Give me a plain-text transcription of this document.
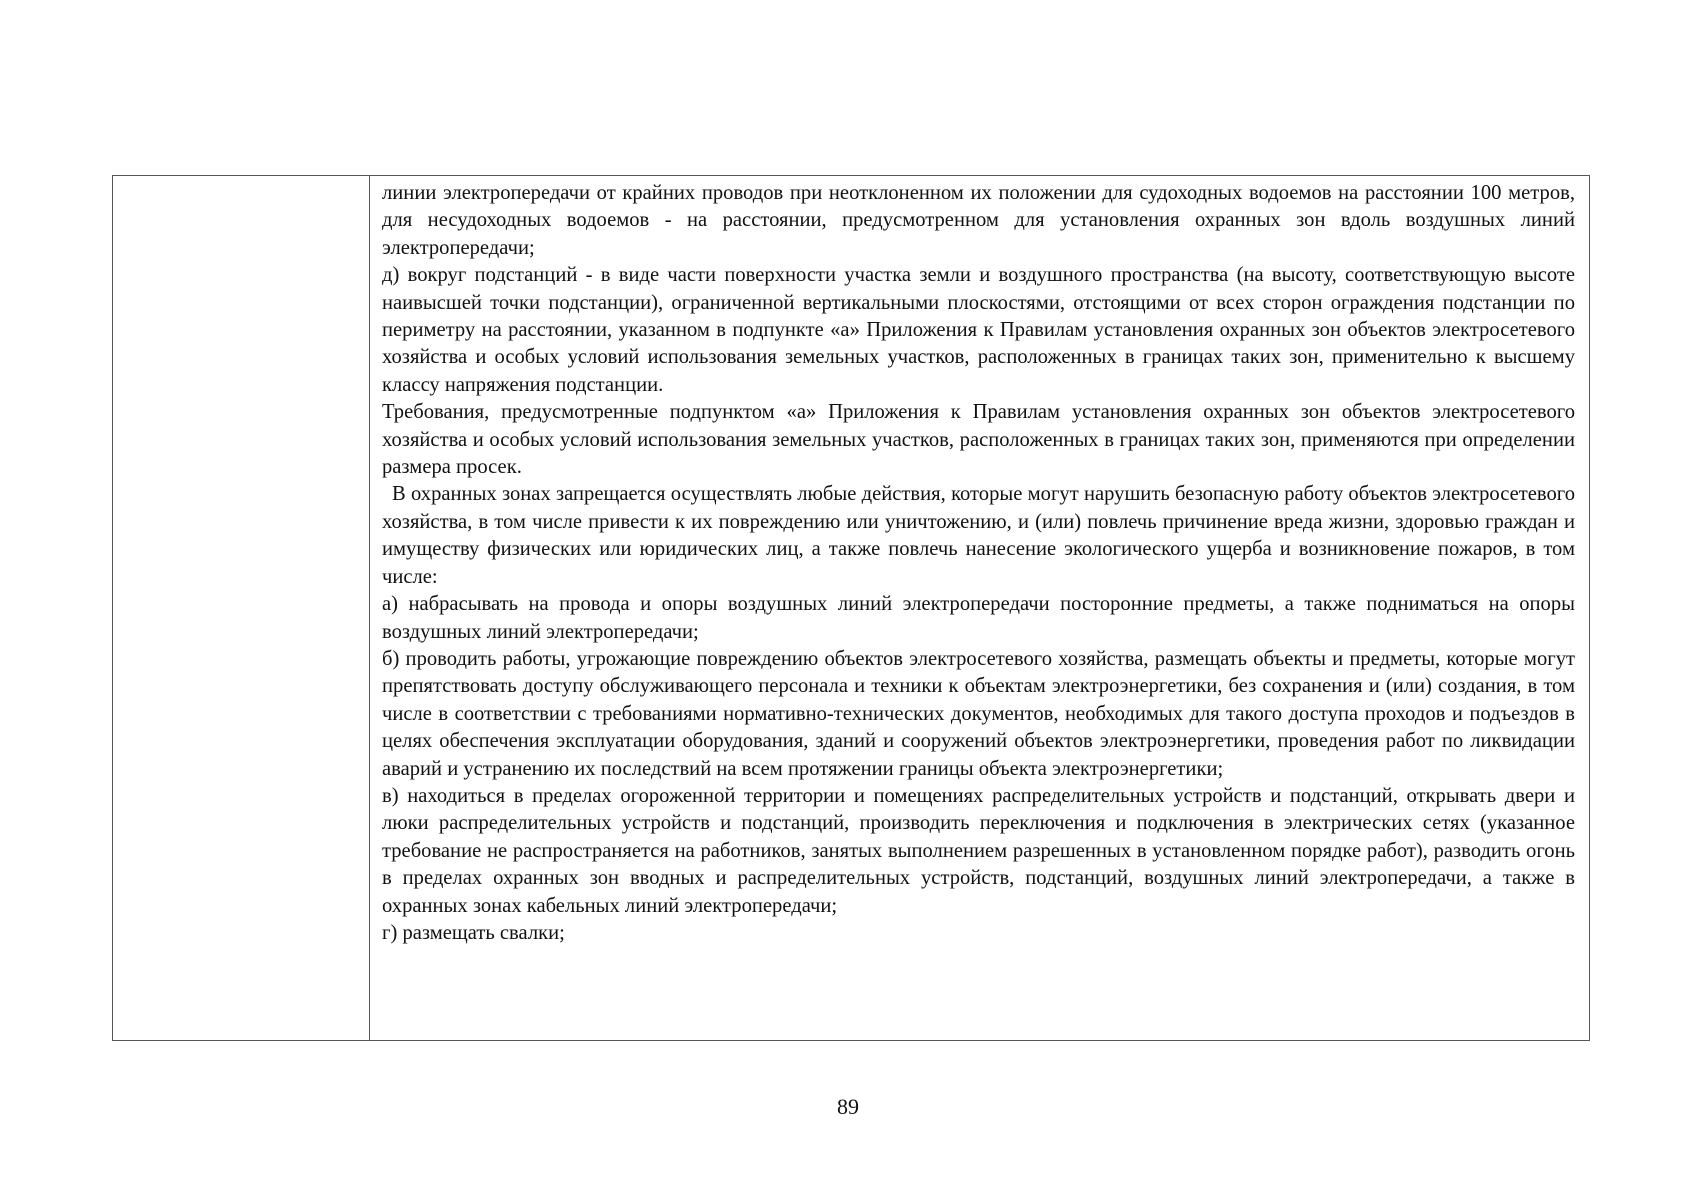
линии электропередачи от крайних проводов при неотклоненном их положении для судоходных водоемов на расстоянии 100 метров, для несудоходных водоемов - на расстоянии, предусмотренном для установления охранных зон вдоль воздушных линий электропередачи;

д) вокруг подстанций - в виде части поверхности участка земли и воздушного пространства (на высоту, соответствующую высоте наивысшей точки подстанции), ограниченной вертикальными плоскостями, отстоящими от всех сторон ограждения подстанции по периметру на расстоянии, указанном в подпункте «а» Приложения к Правилам установления охранных зон объектов электросетевого хозяйства и особых условий использования земельных участков, расположенных в границах таких зон, применительно к высшему классу напряжения подстанции.

Требования, предусмотренные подпунктом «а» Приложения к Правилам установления охранных зон объектов электросетевого хозяйства и особых условий использования земельных участков, расположенных в границах таких зон, применяются при определении размера просек.

В охранных зонах запрещается осуществлять любые действия, которые могут нарушить безопасную работу объектов электросетевого хозяйства, в том числе привести к их повреждению или уничтожению, и (или) повлечь причинение вреда жизни, здоровью граждан и имуществу физических или юридических лиц, а также повлечь нанесение экологического ущерба и возникновение пожаров, в том числе:

а) набрасывать на провода и опоры воздушных линий электропередачи посторонние предметы, а также подниматься на опоры воздушных линий электропередачи;

б) проводить работы, угрожающие повреждению объектов электросетевого хозяйства, размещать объекты и предметы, которые могут препятствовать доступу обслуживающего персонала и техники к объектам электроэнергетики, без сохранения и (или) создания, в том числе в соответствии с требованиями нормативно-технических документов, необходимых для такого доступа проходов и подъездов в целях обеспечения эксплуатации оборудования, зданий и сооружений объектов электроэнергетики, проведения работ по ликвидации аварий и устранению их последствий на всем протяжении границы объекта электроэнергетики;

в) находиться в пределах огороженной территории и помещениях распределительных устройств и подстанций, открывать двери и люки распределительных устройств и подстанций, производить переключения и подключения в электрических сетях (указанное требование не распространяется на работников, занятых выполнением разрешенных в установленном порядке работ), разводить огонь в пределах охранных зон вводных и распределительных устройств, подстанций, воздушных линий электропередачи, а также в охранных зонах кабельных линий электропередачи;

г) размещать свалки;

89
